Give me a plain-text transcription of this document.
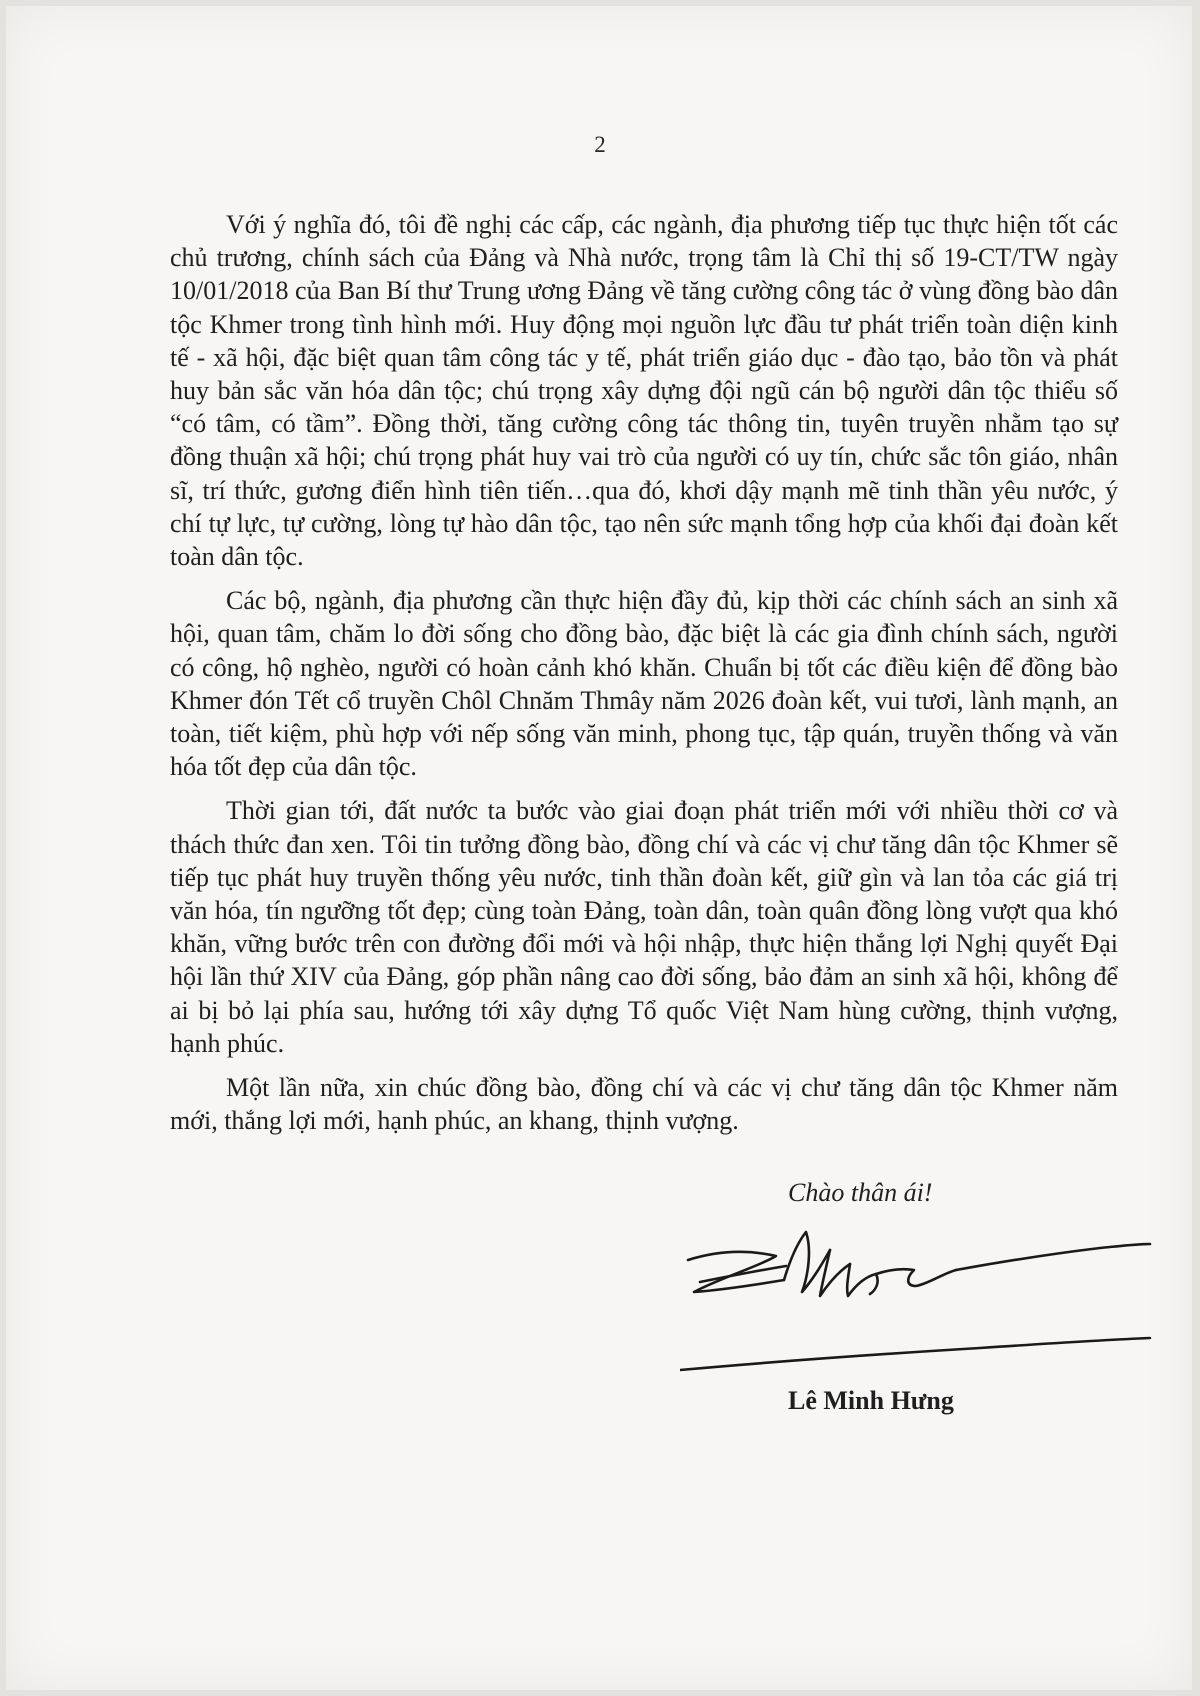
2

Với ý nghĩa đó, tôi đề nghị các cấp, các ngành, địa phương tiếp tục thực hiện tốt các chủ trương, chính sách của Đảng và Nhà nước, trọng tâm là Chỉ thị số 19-CT/TW ngày 10/01/2018 của Ban Bí thư Trung ương Đảng về tăng cường công tác ở vùng đồng bào dân tộc Khmer trong tình hình mới. Huy động mọi nguồn lực đầu tư phát triển toàn diện kinh tế - xã hội, đặc biệt quan tâm công tác y tế, phát triển giáo dục - đào tạo, bảo tồn và phát huy bản sắc văn hóa dân tộc; chú trọng xây dựng đội ngũ cán bộ người dân tộc thiểu số “có tâm, có tầm”. Đồng thời, tăng cường công tác thông tin, tuyên truyền nhằm tạo sự đồng thuận xã hội; chú trọng phát huy vai trò của người có uy tín, chức sắc tôn giáo, nhân sĩ, trí thức, gương điển hình tiên tiến…qua đó, khơi dậy mạnh mẽ tinh thần yêu nước, ý chí tự lực, tự cường, lòng tự hào dân tộc, tạo nên sức mạnh tổng hợp của khối đại đoàn kết toàn dân tộc.

Các bộ, ngành, địa phương cần thực hiện đầy đủ, kịp thời các chính sách an sinh xã hội, quan tâm, chăm lo đời sống cho đồng bào, đặc biệt là các gia đình chính sách, người có công, hộ nghèo, người có hoàn cảnh khó khăn. Chuẩn bị tốt các điều kiện để đồng bào Khmer đón Tết cổ truyền Chôl Chnăm Thmây năm 2026 đoàn kết, vui tươi, lành mạnh, an toàn, tiết kiệm, phù hợp với nếp sống văn minh, phong tục, tập quán, truyền thống và văn hóa tốt đẹp của dân tộc.

Thời gian tới, đất nước ta bước vào giai đoạn phát triển mới với nhiều thời cơ và thách thức đan xen. Tôi tin tưởng đồng bào, đồng chí và các vị chư tăng dân tộc Khmer sẽ tiếp tục phát huy truyền thống yêu nước, tinh thần đoàn kết, giữ gìn và lan tỏa các giá trị văn hóa, tín ngưỡng tốt đẹp; cùng toàn Đảng, toàn dân, toàn quân đồng lòng vượt qua khó khăn, vững bước trên con đường đổi mới và hội nhập, thực hiện thắng lợi Nghị quyết Đại hội lần thứ XIV của Đảng, góp phần nâng cao đời sống, bảo đảm an sinh xã hội, không để ai bị bỏ lại phía sau, hướng tới xây dựng Tổ quốc Việt Nam hùng cường, thịnh vượng, hạnh phúc.

Một lần nữa, xin chúc đồng bào, đồng chí và các vị chư tăng dân tộc Khmer năm mới, thắng lợi mới, hạnh phúc, an khang, thịnh vượng.

Chào thân ái!
Lê Minh Hưng
